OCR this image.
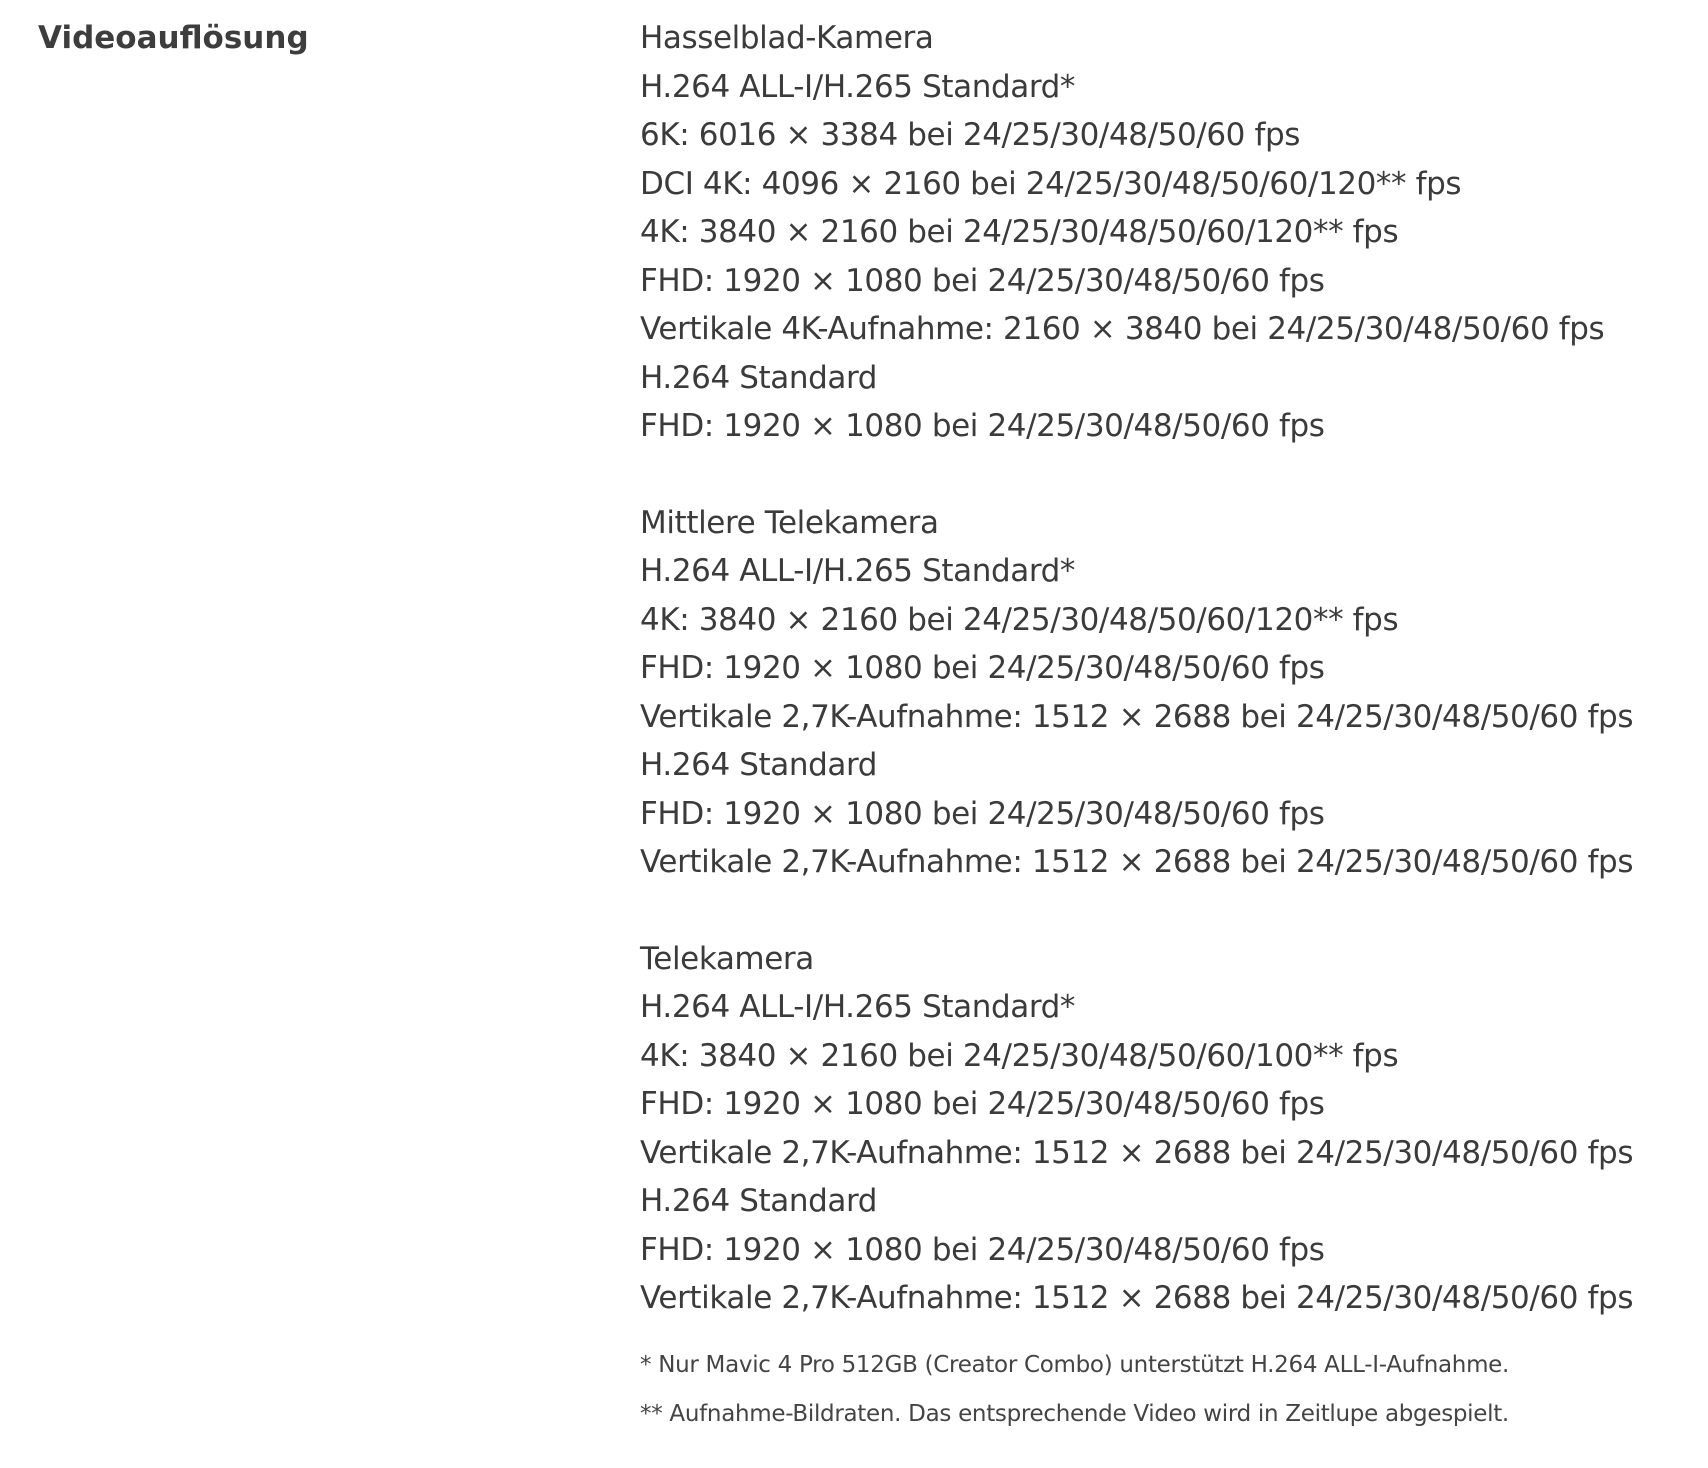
Videoauflösung	Hasselblad-Kamera
H.264 ALL-I/H.265 Standard*
6K: 6016 × 3384 bei 24/25/30/48/50/60 fps
DCI 4K: 4096 × 2160 bei 24/25/30/48/50/60/120** fps
4K: 3840 × 2160 bei 24/25/30/48/50/60/120** fps
FHD: 1920 × 1080 bei 24/25/30/48/50/60 fps
Vertikale 4K-Aufnahme: 2160 × 3840 bei 24/25/30/48/50/60 fps
H.264 Standard
FHD: 1920 × 1080 bei 24/25/30/48/50/60 fps
Mittlere Telekamera
H.264 ALL-I/H.265 Standard*
4K: 3840 × 2160 bei 24/25/30/48/50/60/120** fps
FHD: 1920 × 1080 bei 24/25/30/48/50/60 fps
Vertikale 2,7K-Aufnahme: 1512 × 2688 bei 24/25/30/48/50/60 fps
H.264 Standard
FHD: 1920 × 1080 bei 24/25/30/48/50/60 fps
Vertikale 2,7K-Aufnahme: 1512 × 2688 bei 24/25/30/48/50/60 fps
Telekamera
H.264 ALL-I/H.265 Standard*
4K: 3840 × 2160 bei 24/25/30/48/50/60/100** fps
FHD: 1920 × 1080 bei 24/25/30/48/50/60 fps
Vertikale 2,7K-Aufnahme: 1512 × 2688 bei 24/25/30/48/50/60 fps
H.264 Standard
FHD: 1920 × 1080 bei 24/25/30/48/50/60 fps
Vertikale 2,7K-Aufnahme: 1512 × 2688 bei 24/25/30/48/50/60 fps
* Nur Mavic 4 Pro 512GB (Creator Combo) unterstützt H.264 ALL-I-Aufnahme.
** Aufnahme-Bildraten. Das entsprechende Video wird in Zeitlupe abgespielt.
